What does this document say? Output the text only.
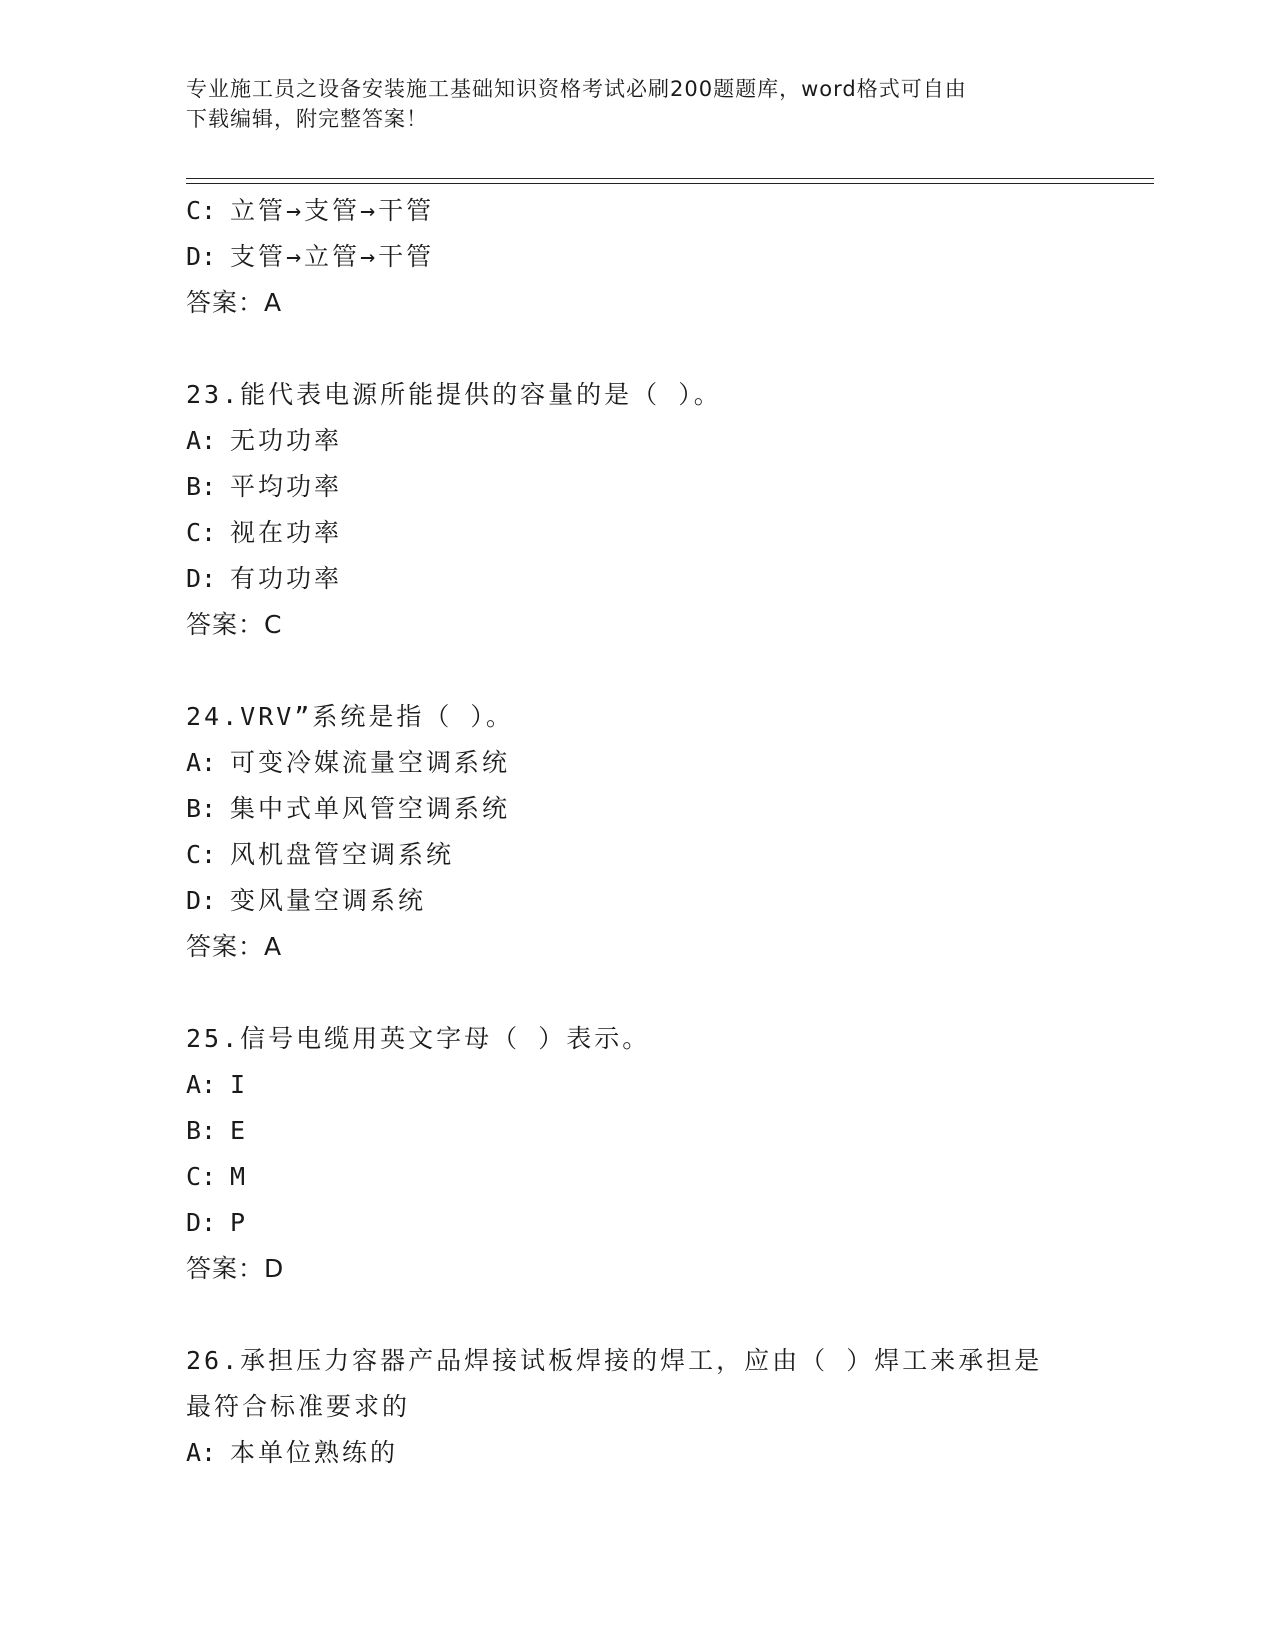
专业施工员之设备安装施工基础知识资格考试必刷200题题库，word格式可自由
下载编辑，附完整答案！
C: 立管→支管→干管
D: 支管→立管→干管
答案：A
23.能代表电源所能提供的容量的是（ ）。
A: 无功功率
B: 平均功率
C: 视在功率
D: 有功功率
答案：C
24.VRV”系统是指（ ）。
A: 可变冷媒流量空调系统
B: 集中式单风管空调系统
C: 风机盘管空调系统
D: 变风量空调系统
答案：A
25.信号电缆用英文字母（ ）表示。
A: I
B: E
C: M
D: P
答案：D
26.承担压力容器产品焊接试板焊接的焊工，应由（ ）焊工来承担是
最符合标准要求的
A: 本单位熟练的
